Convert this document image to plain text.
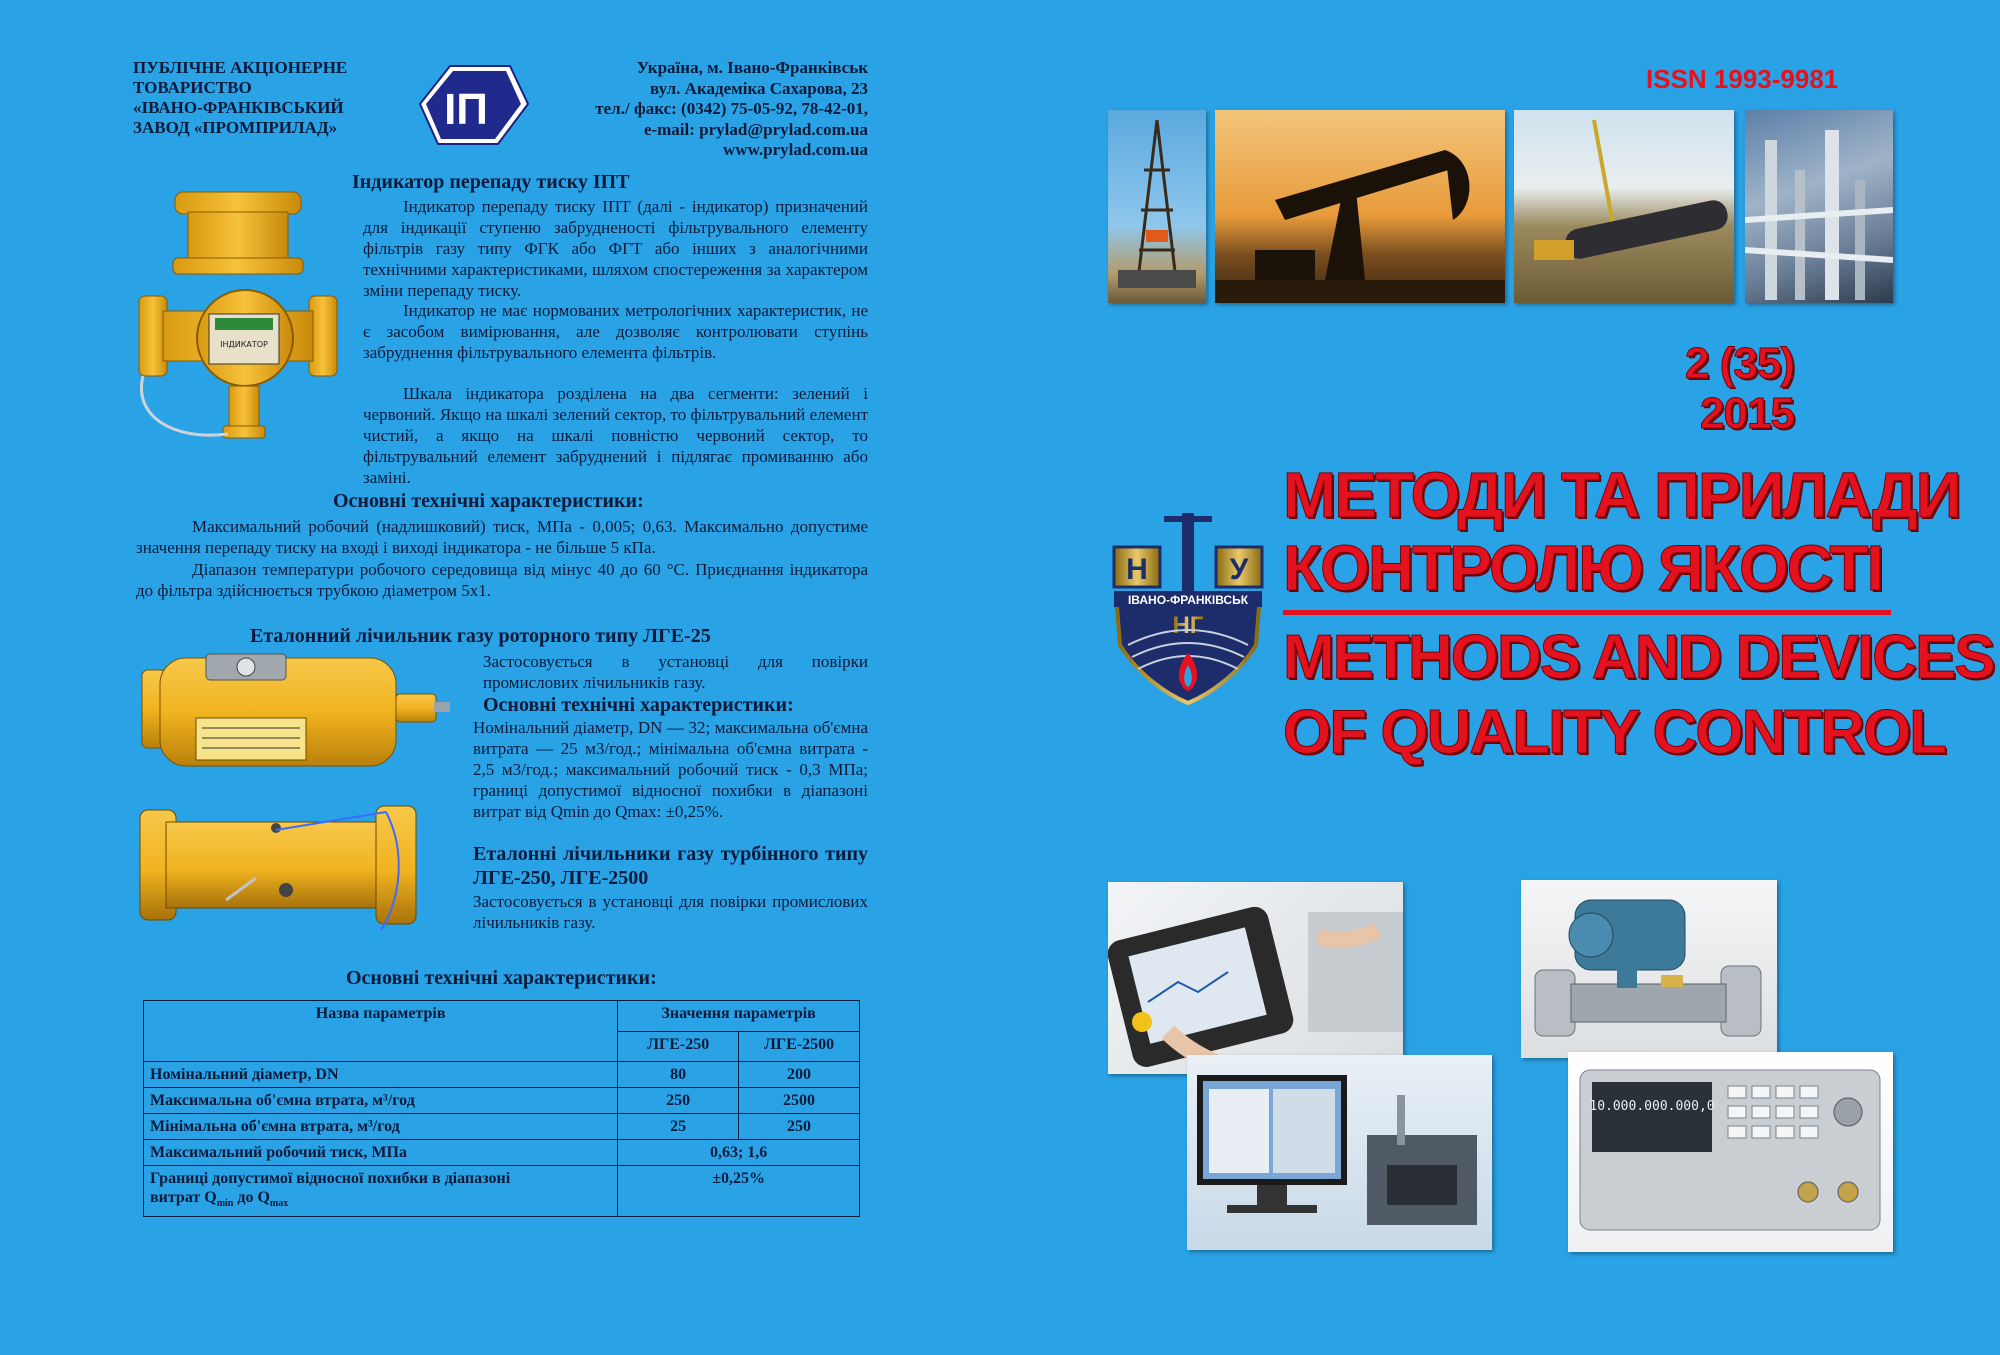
ПУБЛІЧНЕ АКЦІОНЕРНЕ
ТОВАРИСТВО
«ІВАНО-ФРАНКІВСЬКИЙ
ЗАВОД «ПРОМПРИЛАД»	ІП
Україна, м. Івано-Франківськ
вул. Академіка Сахарова, 23
тел./ факс: (0342) 75-05-92, 78-42-01,
e-mail: prylad@prylad.com.ua
www.prylad.com.ua
ІНДИКАТОР
Індикатор перепаду тиску ІПТ
Індикатор перепаду тиску ІПТ (далі - індикатор) призначений для індикації ступеню забрудненості фільтрувального елементу фільтрів газу типу ФГК або ФГТ або інших з аналогічними технічними характеристиками, шляхом спостереження за характером зміни перепаду тиску.
Індикатор не має нормованих метрологічних характеристик, не є засобом вимірювання, але дозволяє контролювати ступінь забруднення фільтрувального елемента фільтрів.
Шкала індикатора розділена на два сегменти: зелений і червоний. Якщо на шкалі зелений сектор, то фільтрувальний елемент чистий, а якщо на шкалі повністю червоний сектор, то фільтрувальний елемент забруднений і підлягає промиванню або заміні.
Основні технічні характеристики:
Максимальний робочий (надлишковий) тиск, МПа - 0,005; 0,63. Максимально допустиме значення перепаду тиску на вході і виході індикатора - не більше 5 кПа.
Діапазон температури робочого середовища від мінус 40 до 60 °С. Приєднання індикатора до фільтра здійснюється трубкою діаметром 5х1.
Еталонний лічильник газу роторного типу ЛГЕ-25
Застосовується в установці для повірки промислових лічильників газу.
Основні технічні характеристики:
Номінальний діаметр, DN — 32; максимальна об'ємна витрата — 25 м3/год.; мінімальна об'ємна витрата - 2,5 м3/год.; максимальний робочий тиск - 0,3 МПа; границі допустимої відносної похибки в діапазоні витрат від Qmin до Qmax: ±0,25%.
Еталонні лічильники газу турбінного типу ЛГЕ-250, ЛГЕ-2500
Застосовується в установці для повірки промислових лічильників газу.
Основні технічні характеристики:
Назва параметрів	Значення параметрів	
	ЛГЕ-250	ЛГЕ-2500
Номінальний діаметр, DN	80	200
Максимальна об'ємна втрата, м³/год	250	2500
Мінімальна об'ємна втрата, м³/год	25	250
Максимальний робочий тиск, МПа	0,63; 1,6	
Границі допустимої відносної похибки в діапазоні
витрат $Q_{min}$ до $Q_{max}$	±0,25%	
ISSN 1993-9981
2 (35)
2015
Н	У
ІВАНО-ФРАНКІВСЬК
НГ
МЕТОДИ ТА ПРИЛАДИ
КОНТРОЛЮ ЯКОСТІ
METHODS AND DEVICES
OF QUALITY CONTROL
10.000.000.000,0
